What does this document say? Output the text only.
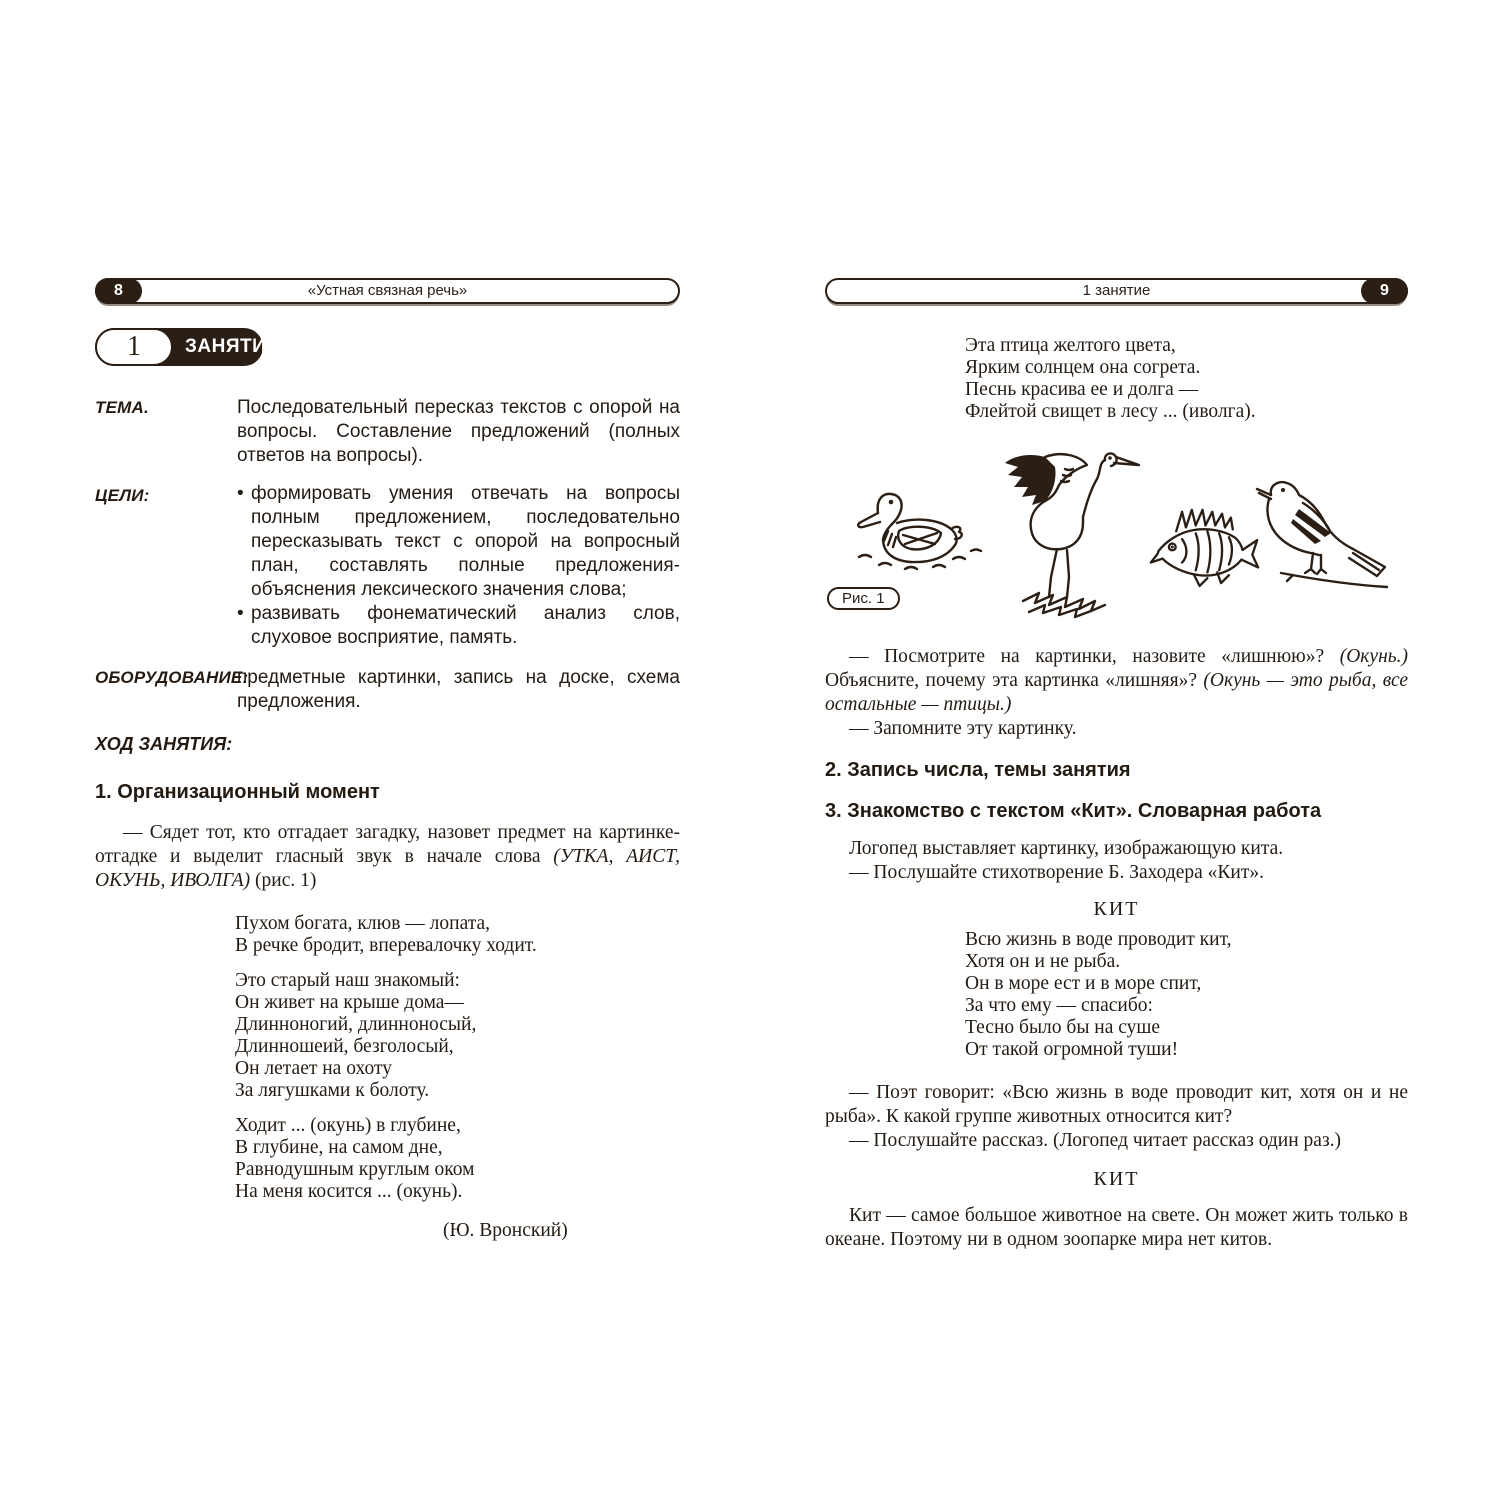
8	«Устная связная речь»
1	ЗАНЯТИЕ
ТЕМА.	Последовательный пересказ текстов с опорой на вопросы. Составление предложений (полных ответов на вопросы).
ЦЕЛИ:	• формировать умения отвечать на вопросы полным предложением, последовательно пересказывать текст с опорой на вопросный план, составлять полные предложения-объяснения лексического значения слова;
• развивать фонематический анализ слов, слуховое восприятие, память.
ОБОРУДОВАНИЕ:
предметные картинки, запись на доске, схема предложения.
ХОД ЗАНЯТИЯ:
1. Организационный момент

— Сядет тот, кто отгадает загадку, назовет предмет на картинке-отгадке и выделит гласный звук в начале слова (УТКА, АИСТ, ОКУНЬ, ИВОЛГА) (рис. 1)

Пухом богата, клюв — лопата,
В речке бродит, вперевалочку ходит.
Это старый наш знакомый:
Он живет на крыше дома—
Длинноногий, длинноносый,
Длинношеий, безголосый,
Он летает на охоту
За лягушками к болоту.
Ходит ... (окунь) в глубине,
В глубине, на самом дне,
Равнодушным круглым оком
На меня косится ... (окунь).
(Ю. Вронский)
1 занятие	9
Эта птица желтого цвета,
Ярким солнцем она согрета.
Песнь красива ее и долга —
Флейтой свищет в лесу ... (иволга).
Рис. 1

— Посмотрите на картинки, назовите «лишнюю»? (Окунь.) Объясните, почему эта картинка «лишняя»? (Окунь — это рыба, все остальные — птицы.)

— Запомните эту картинку.

2. Запись числа, темы занятия
3. Знакомство с текстом «Кит». Словарная работа

Логопед выставляет картинку, изображающую кита.

— Послушайте стихотворение Б. Заходера «Кит».

КИТ
Всю жизнь в воде проводит кит,
Хотя он и не рыба.
Он в море ест и в море спит,
За что ему — спасибо:
Тесно было бы на суше
От такой огромной туши!

— Поэт говорит: «Всю жизнь в воде проводит кит, хотя он и не рыба». К какой группе животных относится кит?

— Послушайте рассказ. (Логопед читает рассказ один раз.)

КИТ

Кит — самое большое животное на свете. Он может жить только в океане. Поэтому ни в одном зоопарке мира нет китов.
